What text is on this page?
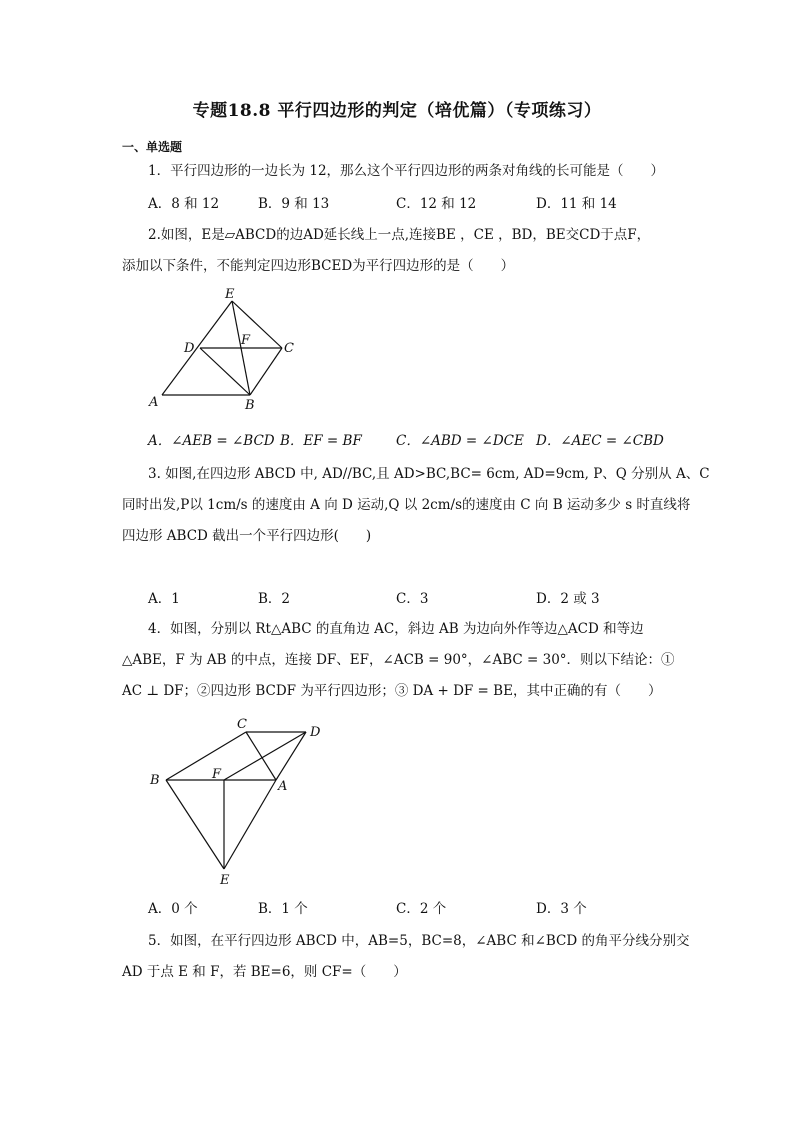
专题18.8 平行四边形的判定（培优篇）（专项练习）
一、单选题
1．平行四边形的一边长为 12，那么这个平行四边形的两条对角线的长可能是（　　）
A．8 和 12	B．9 和 13	C．12 和 12	D．11 和 14
2.如图，E是▱ABCD的边AD延长线上一点,连接BE ，CE ，BD，BE交CD于点F，
添加以下条件，不能判定四边形BCED为平行四边形的是（　　）
E
D
F
C
A	B
A．∠AEB = ∠BCD B．EF = BF	C．∠ABD = ∠DCE D．∠AEC = ∠CBD
3. 如图,在四边形 ABCD 中, AD//BC,且 AD>BC,BC= 6cm, AD=9cm, P、Q 分别从 A、C
同时出发,P以 1cm/s 的速度由 A 向 D 运动,Q 以 2cm/s的速度由 C 向 B 运动多少 s 时直线将
四边形 ABCD 截出一个平行四边形(　　)
A．1	B．2	C．3	D．2 或 3
4．如图，分别以 Rt△ABC 的直角边 AC，斜边 AB 为边向外作等边△ACD 和等边
△ABE，F 为 AB 的中点，连接 DF、EF，∠ACB = 90°，∠ABC = 30°．则以下结论：①
AC ⊥ DF；②四边形 BCDF 为平行四边形；③ DA + DF = BE，其中正确的有（　　）
C
D
B	F
A
E
A．0 个	B．1 个	C．2 个	D．3 个
5．如图，在平行四边形 ABCD 中，AB=5，BC=8，∠ABC 和∠BCD 的角平分线分别交
AD 于点 E 和 F，若 BE=6，则 CF=（　　）
